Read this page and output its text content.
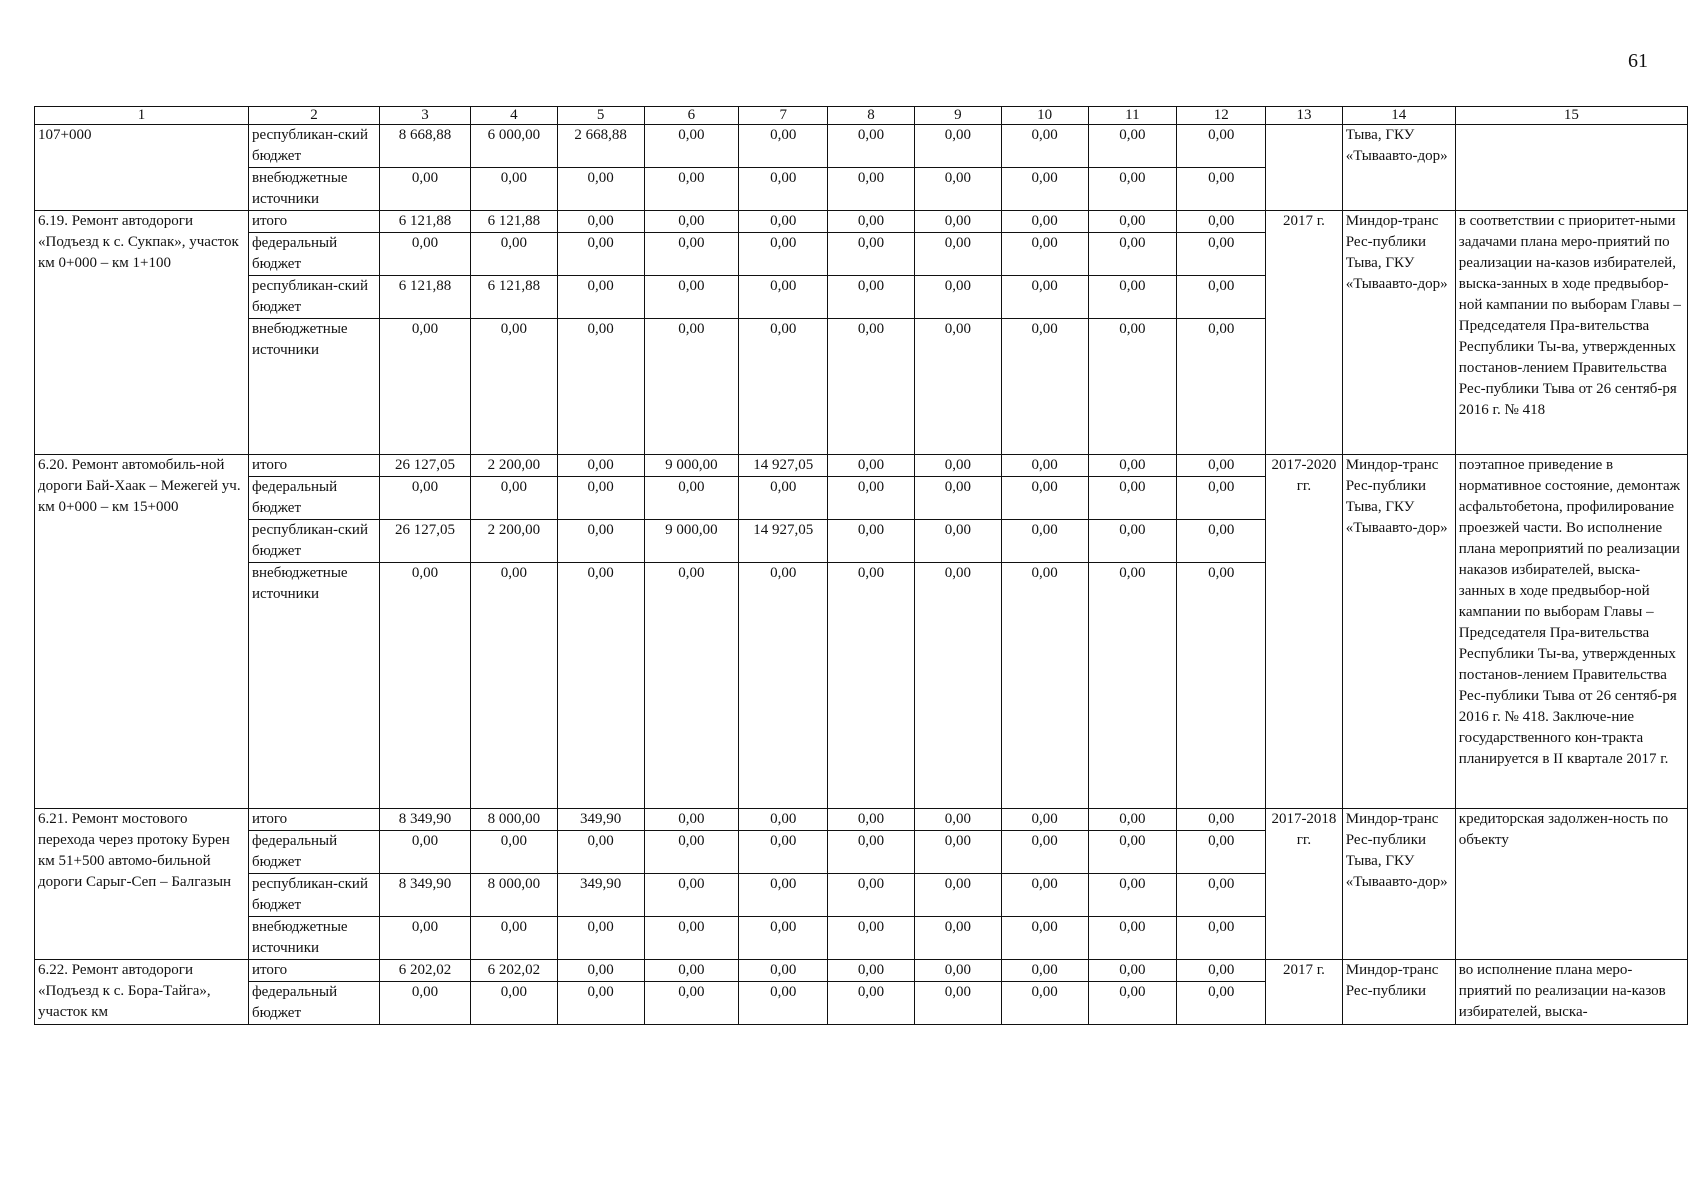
61
1	2	3	4	5	6	7	8	9	10	11	12	13	14	15
107+000	республикан-ский бюджет	8 668,88	6 000,00	2 668,88	0,00	0,00	0,00	0,00	0,00	0,00	0,00		Тыва, ГКУ «Тываавто-дор»	
	внебюджетные источники	0,00	0,00	0,00	0,00	0,00	0,00	0,00	0,00	0,00	0,00			
6.19. Ремонт автодороги «Подъезд к с. Сукпак», участок км 0+000 – км 1+100	итого	6 121,88	6 121,88	0,00	0,00	0,00	0,00	0,00	0,00	0,00	0,00	2017 г.	Миндор-транс Рес-публики Тыва, ГКУ «Тываавто-дор»	в соответствии с приоритет-ными задачами плана меро-приятий по реализации на-казов избирателей, выска-занных в ходе предвыбор-ной кампании по выборам Главы – Председателя Пра-вительства Республики Ты-ва, утвержденных постанов-лением Правительства Рес-публики Тыва от 26 сентяб-ря 2016 г. № 418
	федеральный бюджет	0,00	0,00	0,00	0,00	0,00	0,00	0,00	0,00	0,00	0,00			
	республикан-ский бюджет	6 121,88	6 121,88	0,00	0,00	0,00	0,00	0,00	0,00	0,00	0,00			
	внебюджетные источники	0,00	0,00	0,00	0,00	0,00	0,00	0,00	0,00	0,00	0,00			
6.20. Ремонт автомобиль-ной дороги Бай-Хаак – Межегей уч. км 0+000 – км 15+000	итого	26 127,05	2 200,00	0,00	9 000,00	14 927,05	0,00	0,00	0,00	0,00	0,00	2017-2020 гг.	Миндор-транс Рес-публики Тыва, ГКУ «Тываавто-дор»	поэтапное приведение в нормативное состояние, демонтаж асфальтобетона, профилирование проезжей части. Во исполнение плана мероприятий по реализации наказов избирателей, выска-занных в ходе предвыбор-ной кампании по выборам Главы – Председателя Пра-вительства Республики Ты-ва, утвержденных постанов-лением Правительства Рес-публики Тыва от 26 сентяб-ря 2016 г. № 418. Заключе-ние государственного кон-тракта планируется в II квартале 2017 г.
	федеральный бюджет	0,00	0,00	0,00	0,00	0,00	0,00	0,00	0,00	0,00	0,00			
	республикан-ский бюджет	26 127,05	2 200,00	0,00	9 000,00	14 927,05	0,00	0,00	0,00	0,00	0,00			
	внебюджетные источники	0,00	0,00	0,00	0,00	0,00	0,00	0,00	0,00	0,00	0,00			
6.21. Ремонт мостового перехода через протоку Бурен км 51+500 автомо-бильной дороги Сарыг-Сеп – Балгазын	итого	8 349,90	8 000,00	349,90	0,00	0,00	0,00	0,00	0,00	0,00	0,00	2017-2018 гг.	Миндор-транс Рес-публики Тыва, ГКУ «Тываавто-дор»	кредиторская задолжен-ность по объекту
	федеральный бюджет	0,00	0,00	0,00	0,00	0,00	0,00	0,00	0,00	0,00	0,00			
	республикан-ский бюджет	8 349,90	8 000,00	349,90	0,00	0,00	0,00	0,00	0,00	0,00	0,00			
	внебюджетные источники	0,00	0,00	0,00	0,00	0,00	0,00	0,00	0,00	0,00	0,00			
6.22. Ремонт автодороги «Подъезд к с. Бора-Тайга», участок км	итого	6 202,02	6 202,02	0,00	0,00	0,00	0,00	0,00	0,00	0,00	0,00	2017 г.	Миндор-транс Рес-публики	во исполнение плана меро-приятий по реализации на-казов избирателей, выска-
	федеральный бюджет	0,00	0,00	0,00	0,00	0,00	0,00	0,00	0,00	0,00	0,00			
